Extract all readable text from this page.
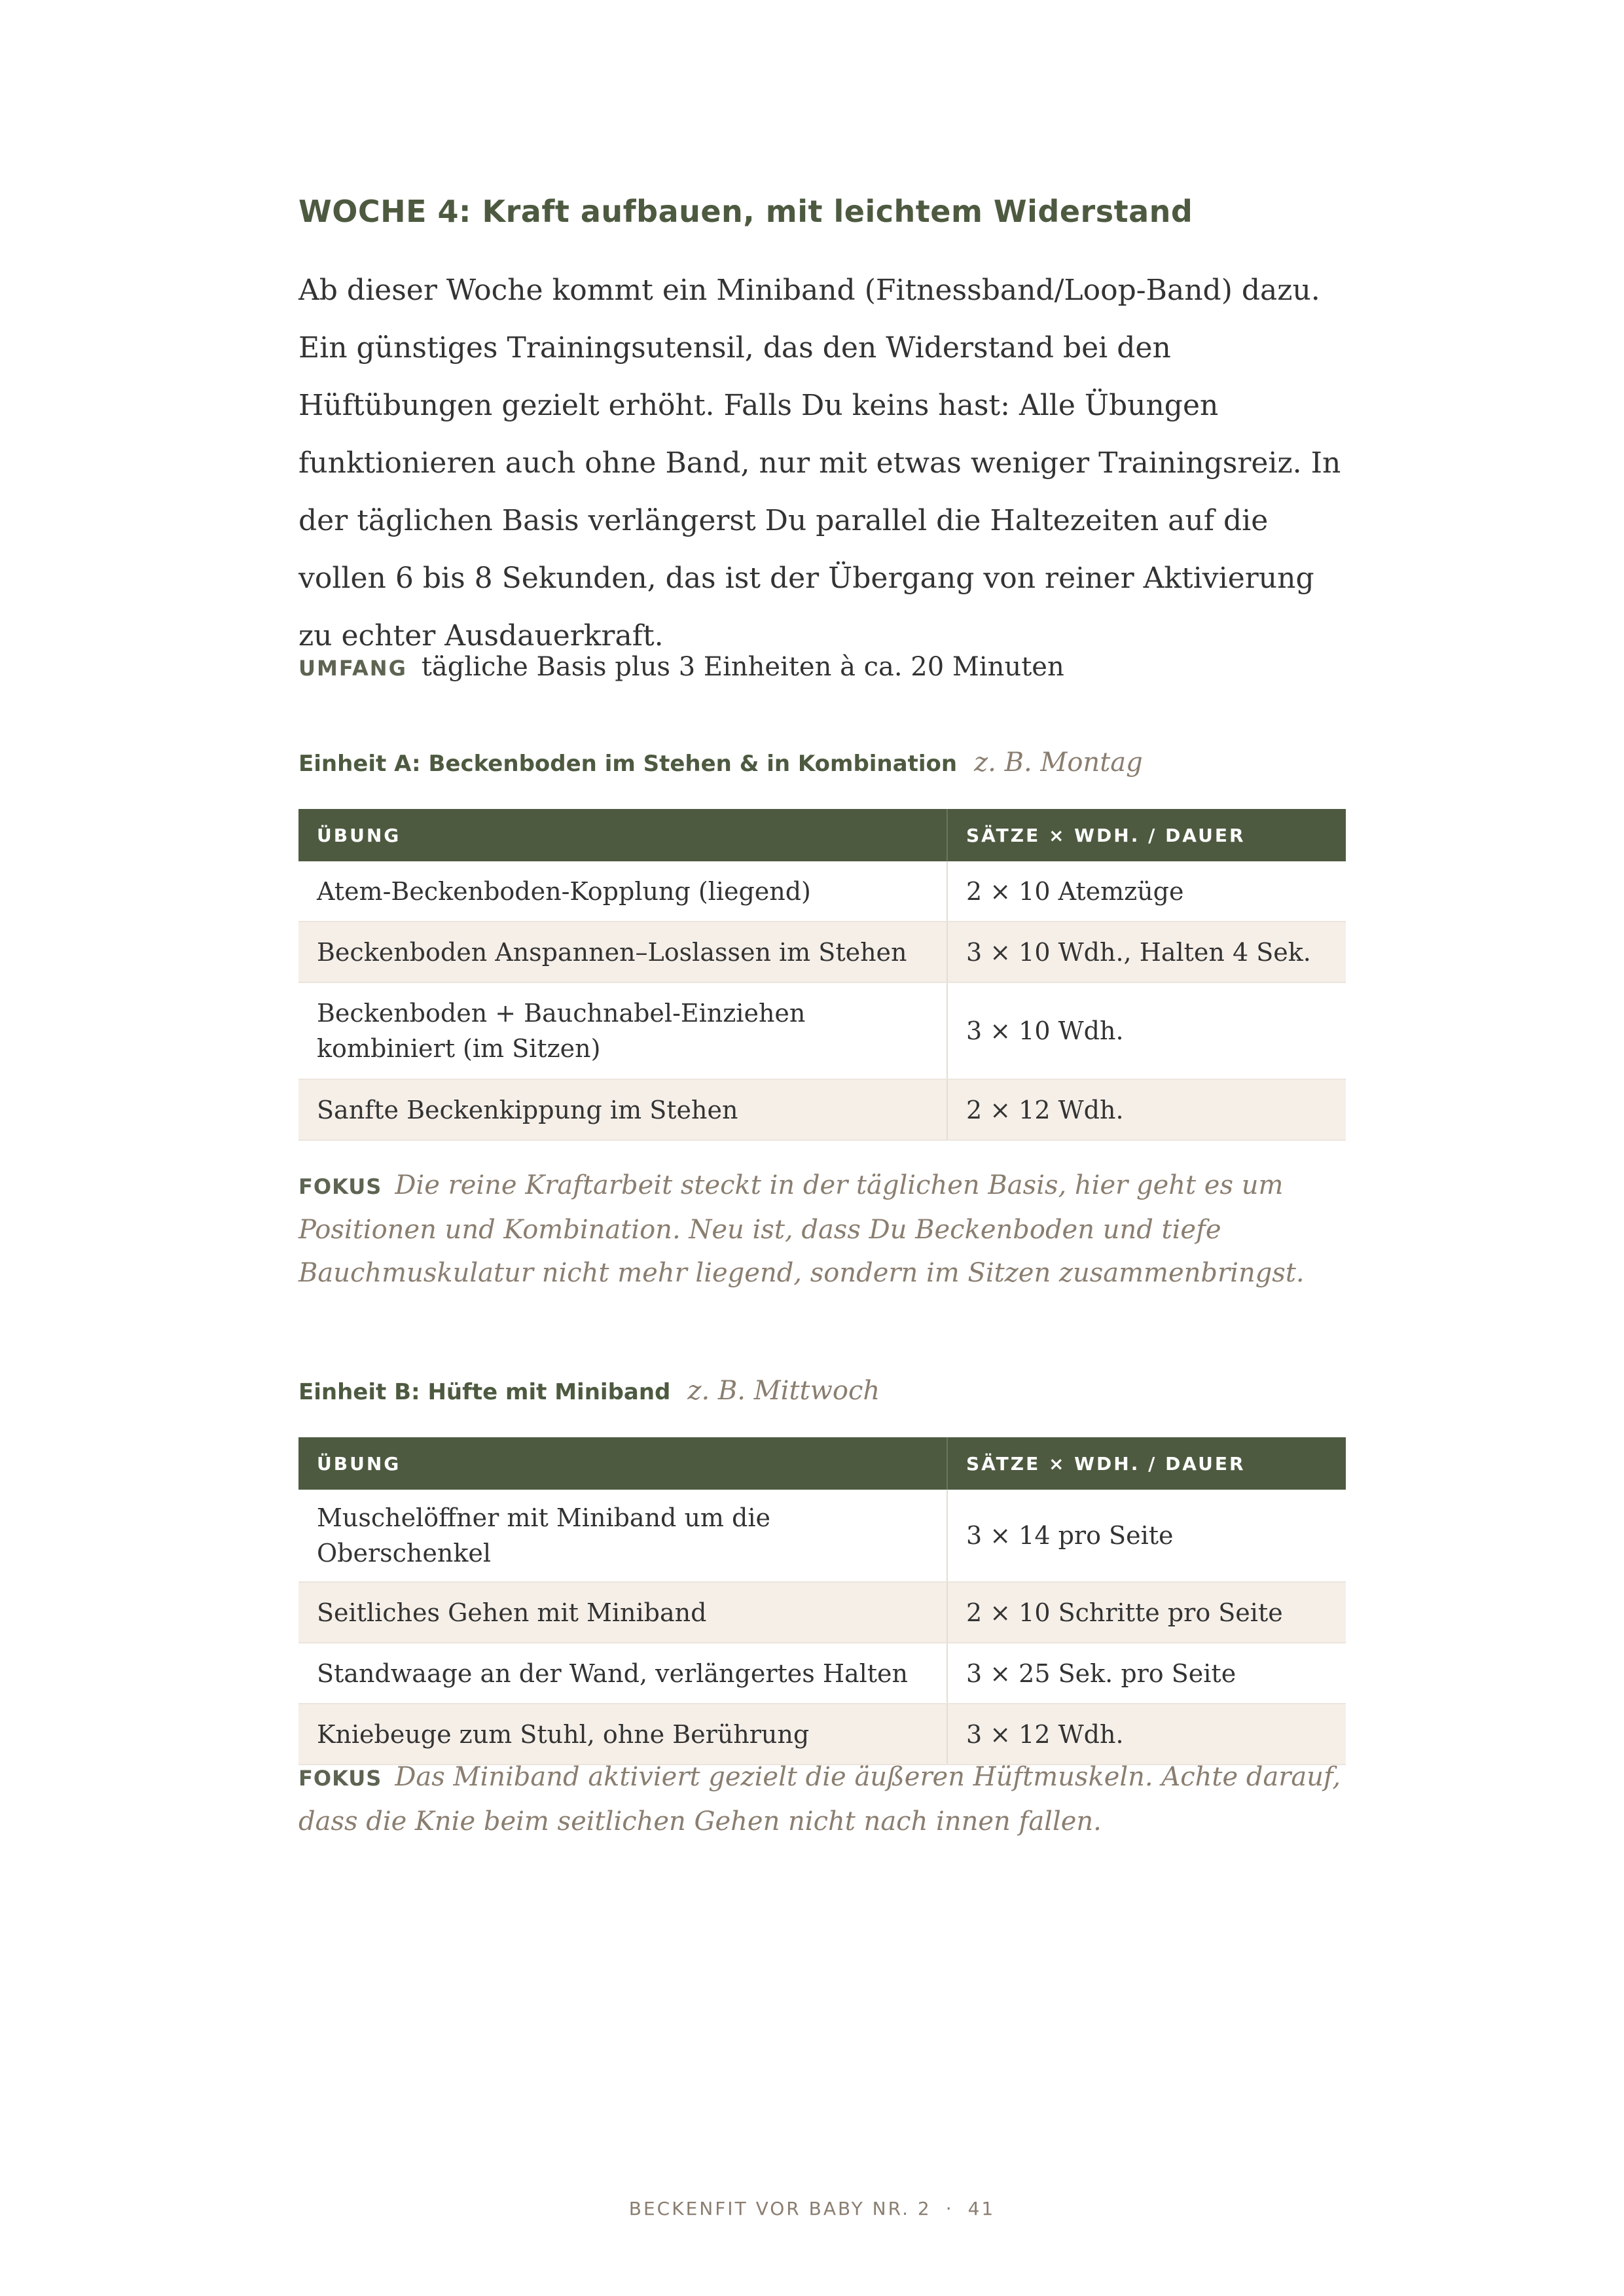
WOCHE 4: Kraft aufbauen, mit leichtem Widerstand

Ab dieser Woche kommt ein Miniband (Fitnessband/Loop-Band) dazu. Ein günstiges Trainingsutensil, das den Widerstand bei den Hüftübungen gezielt erhöht. Falls Du keins hast: Alle Übungen funktionieren auch ohne Band, nur mit etwas weniger Trainingsreiz. In der täglichen Basis verlängerst Du parallel die Haltezeiten auf die vollen 6 bis 8 Sekunden, das ist der Übergang von reiner Aktivierung zu echter Ausdauerkraft.

UMFANG tägliche Basis plus 3 Einheiten à ca. 20 Minuten
Einheit A: Beckenboden im Stehen & in Kombination z. B. Montag
ÜBUNG	SÄTZE × WDH. / DAUER
Atem-Beckenboden-Kopplung (liegend)	2 × 10 Atemzüge
Beckenboden Anspannen–Loslassen im Stehen	3 × 10 Wdh., Halten 4 Sek.
Beckenboden + Bauchnabel-Einziehen kombiniert (im Sitzen)	3 × 10 Wdh.
Sanfte Beckenkippung im Stehen	2 × 12 Wdh.

FOKUS Die reine Kraftarbeit steckt in der täglichen Basis, hier geht es um Positionen und Kombination. Neu ist, dass Du Beckenboden und tiefe Bauchmuskulatur nicht mehr liegend, sondern im Sitzen zusammenbringst.

Einheit B: Hüfte mit Miniband z. B. Mittwoch
ÜBUNG	SÄTZE × WDH. / DAUER
Muschelöffner mit Miniband um die Oberschenkel	3 × 14 pro Seite
Seitliches Gehen mit Miniband	2 × 10 Schritte pro Seite
Standwaage an der Wand, verlängertes Halten	3 × 25 Sek. pro Seite
Kniebeuge zum Stuhl, ohne Berührung	3 × 12 Wdh.

FOKUS Das Miniband aktiviert gezielt die äußeren Hüftmuskeln. Achte darauf, dass die Knie beim seitlichen Gehen nicht nach innen fallen.

BECKENFIT VOR BABY NR. 2 · 41
